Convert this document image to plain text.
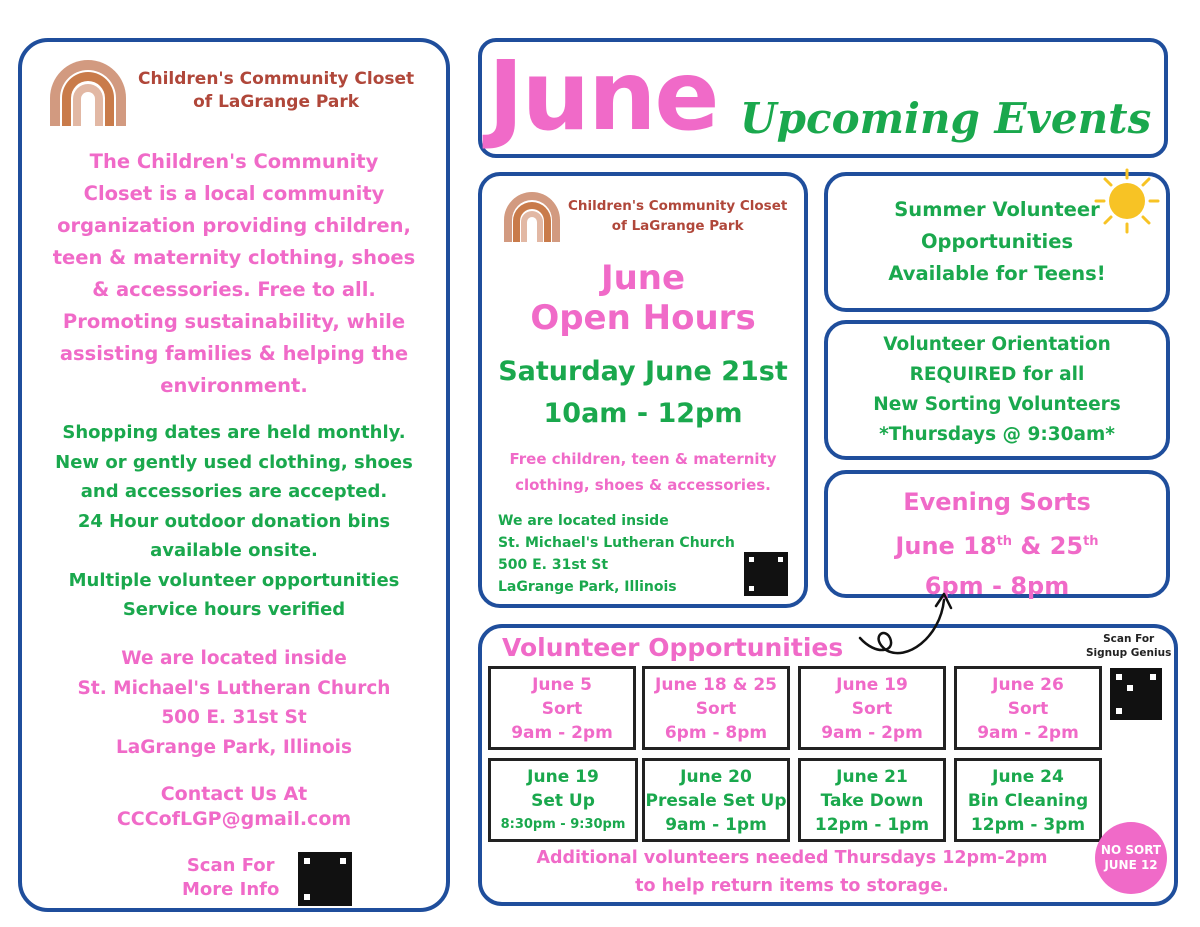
Children's Community Closet
of LaGrange Park
The Children's Community
Closet is a local community
organization providing children,
teen & maternity clothing, shoes
& accessories. Free to all.
Promoting sustainability, while
assisting families & helping the
environment.
Shopping dates are held monthly.
New or gently used clothing, shoes
and accessories are accepted.
24 Hour outdoor donation bins
available onsite.
Multiple volunteer opportunities
Service hours verified
We are located inside
St. Michael's Lutheran Church
500 E. 31st St
LaGrange Park, Illinois
Contact Us At
CCCofLGP@gmail.com
Scan For
More Info
June Upcoming Events
Children's Community Closet
of LaGrange Park
June
Open Hours
Saturday June 21st
10am - 12pm
Free children, teen & maternity
clothing, shoes & accessories.
We are located inside
St. Michael's Lutheran Church
500 E. 31st St
LaGrange Park, Illinois
Summer Volunteer
Opportunities
Available for Teens!
Volunteer Orientation
REQUIRED for all
New Sorting Volunteers
*Thursdays @ 9:30am*
Evening Sorts
June 18th & 25th
6pm - 8pm
Volunteer Opportunities	Scan For
Signup Genius
June 5
Sort
9am - 2pm
June 18 & 25
Sort
6pm - 8pm
June 19
Sort
9am - 2pm
June 26
Sort
9am - 2pm
June 19
Set Up
8:30pm - 9:30pm
June 20
Presale Set Up
9am - 1pm
June 21
Take Down
12pm - 1pm
June 24
Bin Cleaning
12pm - 3pm
Additional volunteers needed Thursdays 12pm-2pm
to help return items to storage.
NO SORT
JUNE 12
